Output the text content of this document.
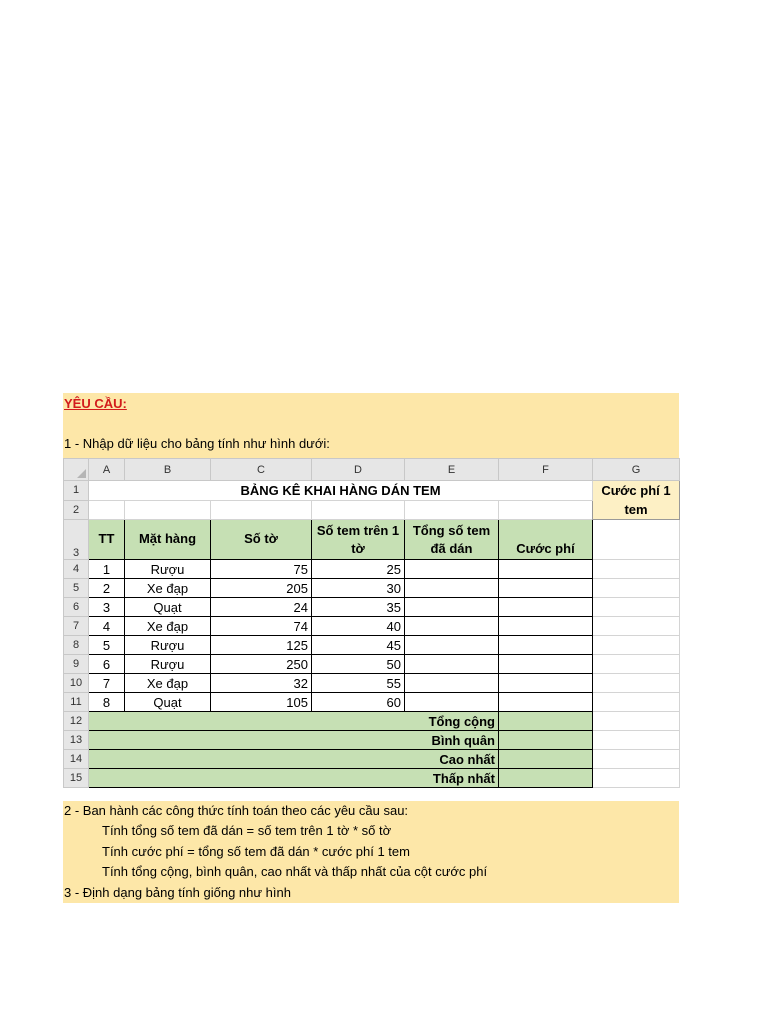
YÊU CẦU:
1 - Nhập dữ liệu cho bảng tính như hình dưới:
	A	B	C	D	E	F	G
1	BẢNG KÊ KHAI HÀNG DÁN TEM						Cước phí 1 tem
2							
3	TT	Mặt hàng	Số tờ	Số tem trên 1 tờ	Tổng số tem đã dán	Cước phí	
4	1	Rượu	75	25			
5	2	Xe đạp	205	30			
6	3	Quạt	24	35			
7	4	Xe đạp	74	40			
8	5	Rượu	125	45			
9	6	Rượu	250	50			
10	7	Xe đạp	32	55			
11	8	Quạt	105	60			
12	Tổng cộng						
13	Bình quân						
14	Cao nhất						
15	Thấp nhất						
2 - Ban hành các công thức tính toán theo các yêu cầu sau:
Tính tổng số tem đã dán = số tem trên 1 tờ * số tờ
Tính cước phí = tổng số tem đã dán * cước phí 1 tem
Tính tổng cộng, bình quân, cao nhất và thấp nhất của cột cước phí
3 - Định dạng bảng tính giống như hình
